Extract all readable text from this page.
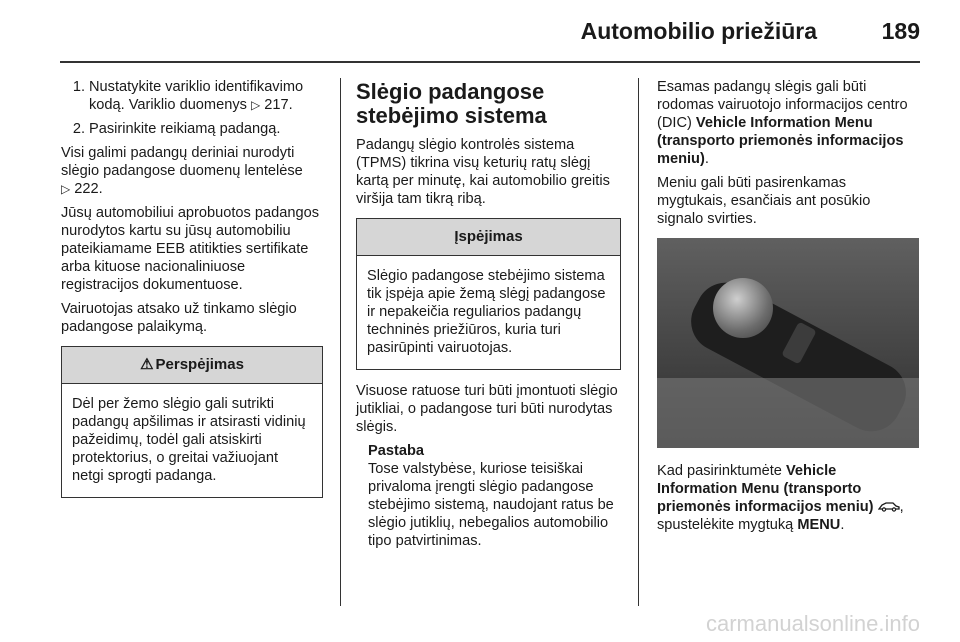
Automobilio priežiūra	189
1. Nustatykite variklio identifikavimo kodą. Variklio duomenys ▷ 217.
2. Pasirinkite reikiamą padangą.

Visi galimi padangų deriniai nurodyti slėgio padangose duomenų lentelėse
▷ 222.

Jūsų automobiliui aprobuotos padangos nurodytos kartu su jūsų automobiliu pateikiamame EEB atitikties sertifikate arba kituose nacionaliniuose registracijos dokumentuose.

Vairuotojas atsako už tinkamo slėgio padangose palaikymą.

⚠ Perspėjimas
Dėl per žemo slėgio gali sutrikti padangų apšilimas ir atsirasti vidinių pažeidimų, todėl gali atsiskirti protektorius, o greitai važiuojant netgi sprogti padanga.
Slėgio padangose stebėjimo sistema

Padangų slėgio kontrolės sistema (TPMS) tikrina visų keturių ratų slėgį kartą per minutę, kai automobilio greitis viršija tam tikrą ribą.

Įspėjimas
Slėgio padangose stebėjimo sistema tik įspėja apie žemą slėgį padangose ir nepakeičia reguliarios padangų techninės priežiūros, kuria turi pasirūpinti vairuotojas.

Visuose ratuose turi būti įmontuoti slėgio jutikliai, o padangose turi būti nurodytas slėgis.

Pastaba
Tose valstybėse, kuriose teisiškai privaloma įrengti slėgio padangose stebėjimo sistemą, naudojant ratus be slėgio jutiklių, nebegalios automobilio tipo patvirtinimas.

Esamas padangų slėgis gali būti rodomas vairuotojo informacijos centro (DIC) Vehicle Information Menu (transporto priemonės informacijos meniu).

Meniu gali būti pasirenkamas mygtukais, esančiais ant posūkio signalo svirties.

Kad pasirinktumėte Vehicle Information Menu (transporto priemonės informacijos meniu) ,
spustelėkite mygtuką MENU.

carmanualsonline.info
